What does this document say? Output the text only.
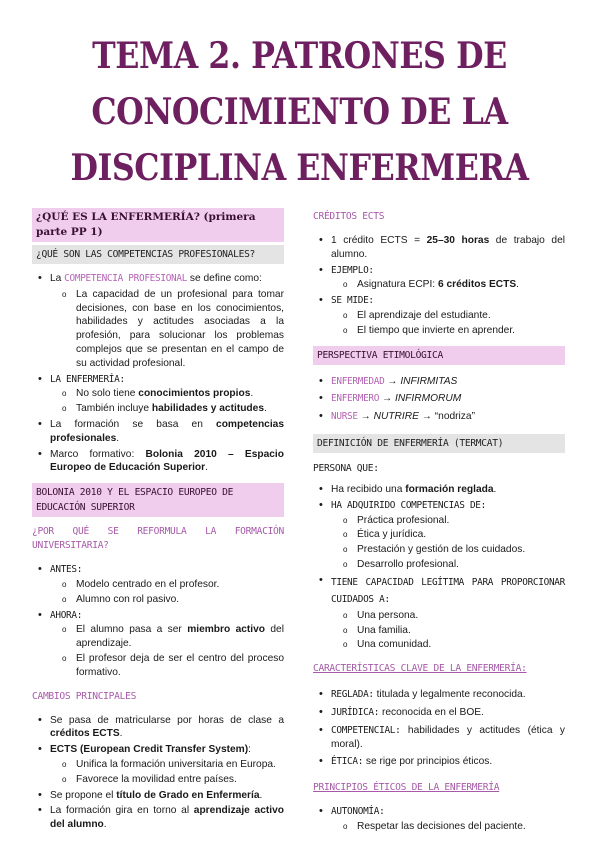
TEMA 2. PATRONES DE
CONOCIMIENTO DE LA
DISCIPLINA ENFERMERA
¿QUÉ ES LA ENFERMERÍA? (primera parte PP 1)
¿QUÉ SON LAS COMPETENCIAS PROFESIONALES?
• La COMPETENCIA PROFESIONAL se define como:
o La capacidad de un profesional para tomar decisiones, con base en los conocimientos, habilidades y actitudes asociadas a la profesión, para solucionar los problemas complejos que se presentan en el campo de su actividad profesional.
• LA ENFERMERÍA:
o No solo tiene conocimientos propios.
o También incluye habilidades y actitudes.
• La formación se basa en competencias profesionales.
• Marco formativo: Bolonia 2010 – Espacio Europeo de Educación Superior.
BOLONIA 2010 Y EL ESPACIO EUROPEO DE EDUCACIÓN SUPERIOR
¿POR QUÉ SE REFORMULA LA FORMACIÓN UNIVERSITARIA?
• ANTES:
o Modelo centrado en el profesor.
o Alumno con rol pasivo.
• AHORA:
o El alumno pasa a ser miembro activo del aprendizaje.
o El profesor deja de ser el centro del proceso formativo.
CAMBIOS PRINCIPALES
• Se pasa de matricularse por horas de clase a créditos ECTS.
• ECTS (European Credit Transfer System):
o Unifica la formación universitaria en Europa.
o Favorece la movilidad entre países.
• Se propone el título de Grado en Enfermería.
• La formación gira en torno al aprendizaje activo del alumno.
CRÉDITOS ECTS
• 1 crédito ECTS = 25–30 horas de trabajo del alumno.
• EJEMPLO:
o Asignatura ECPI: 6 créditos ECTS.
• SE MIDE:
o El aprendizaje del estudiante.
o El tiempo que invierte en aprender.
PERSPECTIVA ETIMOLÓGICA
• ENFERMEDAD → INFIRMITAS
• ENFERMERO → INFIRMORUM
• NURSE → NUTRIRE → “nodriza”
DEFINICIÓN DE ENFERMERÍA (TERMCAT)
PERSONA QUE:
• Ha recibido una formación reglada.
• HA ADQUIRIDO COMPETENCIAS DE:
o Práctica profesional.
o Ética y jurídica.
o Prestación y gestión de los cuidados.
o Desarrollo profesional.
• TIENE CAPACIDAD LEGÍTIMA PARA PROPORCIONAR CUIDADOS A:
o Una persona.
o Una familia.
o Una comunidad.
CARACTERÍSTICAS CLAVE DE LA ENFERMERÍA:
• REGLADA: titulada y legalmente reconocida.
• JURÍDICA: reconocida en el BOE.
• COMPETENCIAL: habilidades y actitudes (ética y moral).
• ÉTICA: se rige por principios éticos.
PRINCIPIOS ÉTICOS DE LA ENFERMERÍA
• AUTONOMÍA:
o Respetar las decisiones del paciente.
